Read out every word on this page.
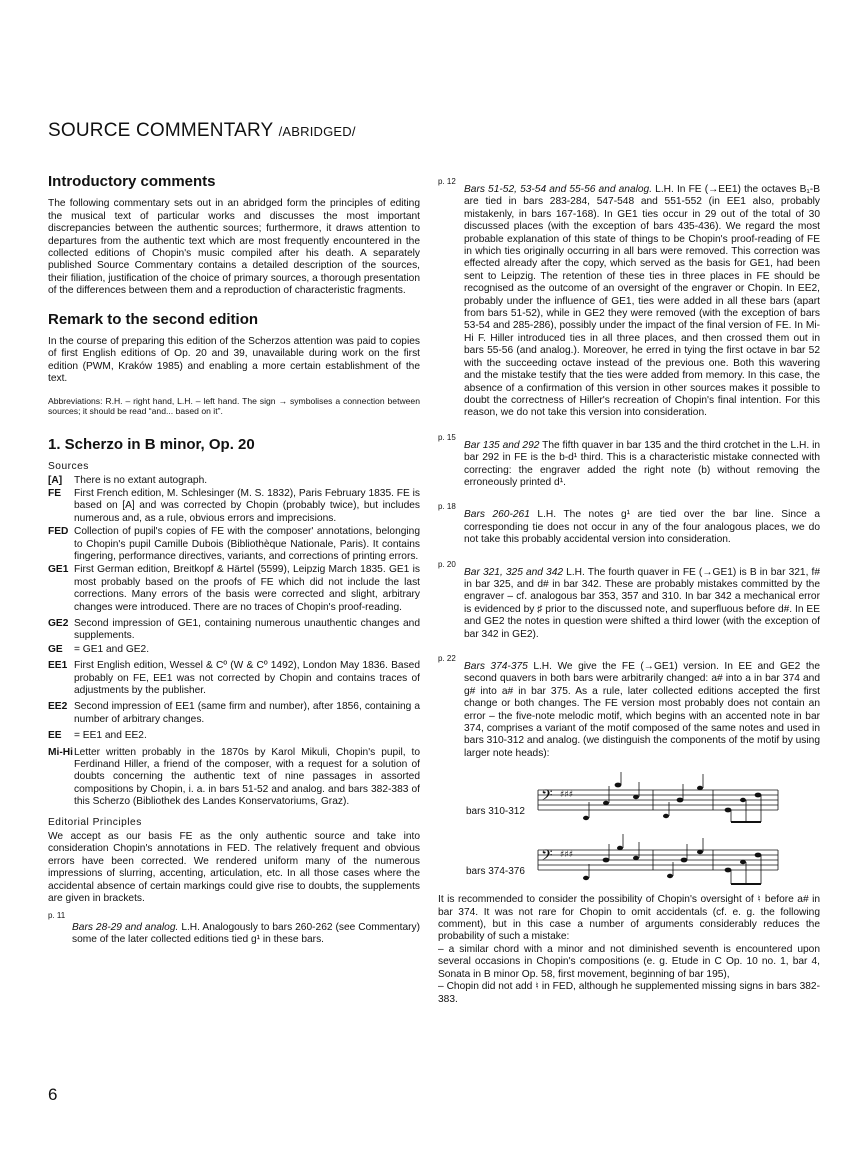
SOURCE COMMENTARY /ABRIDGED/
Introductory comments

The following commentary sets out in an abridged form the principles of editing the musical text of particular works and discusses the most important discrepancies between the authentic sources; furthermore, it draws attention to departures from the authentic text which are most frequently encountered in the collected editions of Chopin's music compiled after his death. A separately published Source Commentary contains a detailed description of the sources, their filiation, justification of the choice of primary sources, a thorough presentation of the differences between them and a reproduction of characteristic fragments.

Remark to the second edition

In the course of preparing this edition of the Scherzos attention was paid to copies of first English editions of Op. 20 and 39, unavailable during work on the first edition (PWM, Kraków 1985) and enabling a more certain establishment of the text.

Abbreviations: R.H. – right hand, L.H. – left hand. The sign → symbolises a connection between sources; it should be read “and... based on it”.

1. Scherzo in B minor, Op. 20
Sources
[A]	There is no extant autograph.
FE	First French edition, M. Schlesinger (M. S. 1832), Paris February 1835. FE is based on [A] and was corrected by Chopin (probably twice), but includes numerous and, as a rule, obvious errors and imprecisions.
FED Collection of pupil's copies of FE with the composer' annotations, belonging to Chopin's pupil Camille Dubois (Bibliothèque Nationale, Paris). It contains fingering, performance directives, variants, and corrections of printing errors.
GE1 First German edition, Breitkopf & Härtel (5599), Leipzig March 1835. GE1 is most probably based on the proofs of FE which did not include the last corrections. Many errors of the basis were corrected and slight, arbitrary changes were introduced. There are no traces of Chopin's proof-reading.
GE2 Second impression of GE1, containing numerous unauthentic changes and supplements.
GE	= GE1 and GE2.
EE1 First English edition, Wessel & Cº (W & Cº 1492), London May 1836. Based probably on FE, EE1 was not corrected by Chopin and contains traces of adjustments by the publisher.
EE2 Second impression of EE1 (same firm and number), after 1856, containing a number of arbitrary changes.
EE	= EE1 and EE2.
Mi-Hi Letter written probably in the 1870s by Karol Mikuli, Chopin's pupil, to Ferdinand Hiller, a friend of the composer, with a request for a solution of doubts concerning the authentic text of nine passages in assorted compositions by Chopin, i. a. in bars 51-52 and analog. and bars 382-383 of this Scherzo (Bibliothek des Landes Konservatoriums, Graz).
Editorial Principles
We accept as our basis FE as the only authentic source and take into consideration Chopin's annotations in FED. The relatively frequent and obvious errors have been corrected. We rendered uniform many of the numerous impressions of slurring, accenting, articulation, etc. In all those cases where the accidental absence of certain markings could give rise to doubts, the supplements are given in brackets.
p. 11
Bars 28-29 and analog. L.H. Analogously to bars 260-262 (see Commentary) some of the later collected editions tied g¹ in these bars.
p. 12
Bars 51-52, 53-54 and 55-56 and analog. L.H. In FE (→EE1) the octaves B₁-B are tied in bars 283-284, 547-548 and 551-552 (in EE1 also, probably mistakenly, in bars 167-168). In GE1 ties occur in 29 out of the total of 30 discussed places (with the exception of bars 435-436). We regard the most probable explanation of this state of things to be Chopin's proof-reading of FE in which ties originally occurring in all bars were removed. This correction was effected already after the copy, which served as the basis for GE1, had been sent to Leipzig. The retention of these ties in three places in FE should be recognised as the outcome of an oversight of the engraver or Chopin. In EE2, probably under the influence of GE1, ties were added in all these bars (apart from bars 51-52), while in GE2 they were removed (with the exception of bars 53-54 and 285-286), possibly under the impact of the final version of FE. In Mi-Hi F. Hiller introduced ties in all three places, and then crossed them out in bars 55-56 (and analog.). Moreover, he erred in tying the first octave in bar 52 with the succeeding octave instead of the previous one. Both this wavering and the mistake testify that the ties were added from memory. In this case, the absence of a confirmation of this version in other sources makes it possible to doubt the correctness of Hiller's recreation of Chopin's final intention. For this reason, we do not take this version into consideration.
p. 15
Bar 135 and 292 The fifth quaver in bar 135 and the third crotchet in the L.H. in bar 292 in FE is the b-d¹ third. This is a characteristic mistake connected with correcting: the engraver added the right note (b) without removing the erroneously printed d¹.
p. 18
Bars 260-261 L.H. The notes g¹ are tied over the bar line. Since a corresponding tie does not occur in any of the four analogous places, we do not take this probably accidental version into consideration.
p. 20
Bar 321, 325 and 342 L.H. The fourth quaver in FE (→GE1) is B in bar 321, f# in bar 325, and d# in bar 342. These are probably mistakes committed by the engraver – cf. analogous bar 353, 357 and 310. In bar 342 a mechanical error is evidenced by ♯ prior to the discussed note, and superfluous before d#. In EE and GE2 the notes in question were shifted a third lower (with the exception of bar 342 in GE2).
p. 22
Bars 374-375 L.H. We give the FE (→GE1) version. In EE and GE2 the second quavers in both bars were arbitrarily changed: a# into a in bar 374 and g# into a# in bar 375. As a rule, later collected editions accepted the first change or both changes. The FE version most probably does not contain an error – the five-note melodic motif, which begins with an accented note in bar 374, comprises a variant of the motif composed of the same notes and used in bars 310-312 and analog. (we distinguish the components of the motif by using larger note heads):
bars 310-312
bars 374-376
𝄢
𝄢
♯♯♯
♯♯♯

It is recommended to consider the possibility of Chopin's oversight of ♮ before a# in bar 374. It was not rare for Chopin to omit accidentals (cf. e. g. the following comment), but in this case a number of arguments considerably reduces the probability of such a mistake:

– a similar chord with a minor and not diminished seventh is encountered upon several occasions in Chopin's compositions (e. g. Etude in C Op. 10 no. 1, bar 4, Sonata in B minor Op. 58, first movement, beginning of bar 195),

– Chopin did not add ♮ in FED, although he supplemented missing signs in bars 382-383.

6
